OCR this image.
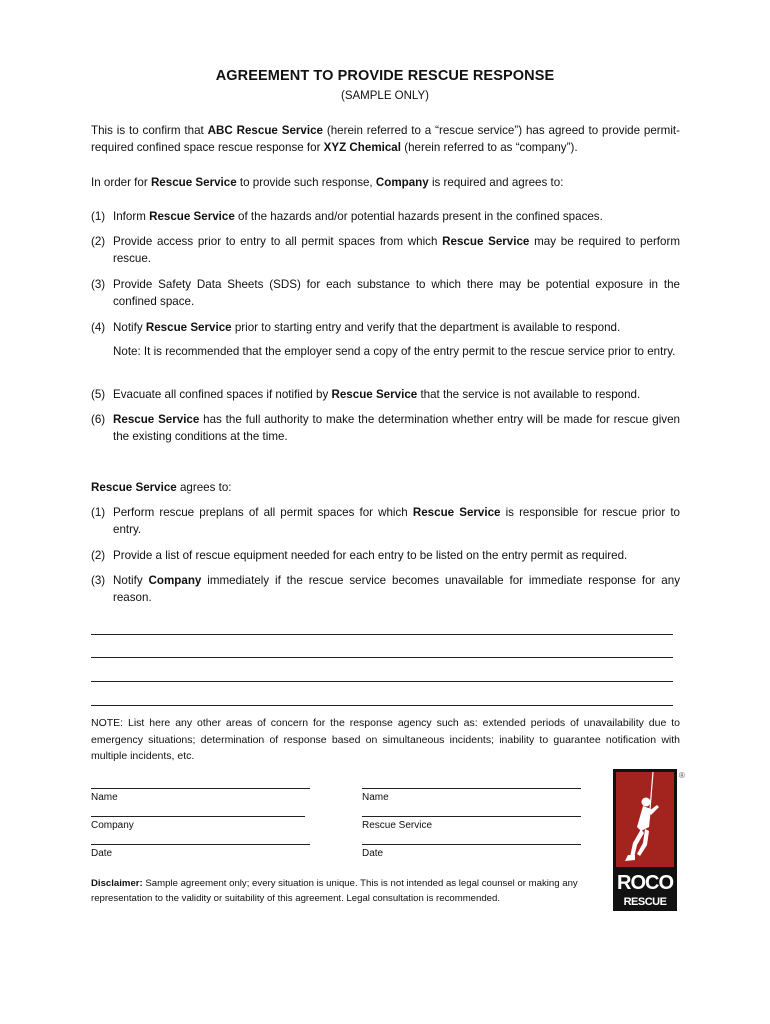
AGREEMENT TO PROVIDE RESCUE RESPONSE
(SAMPLE ONLY)
This is to confirm that ABC Rescue Service (herein referred to a “rescue service”) has agreed to provide permit-required confined space rescue response for XYZ Chemical (herein referred to as “company”).
In order for Rescue Service to provide such response, Company is required and agrees to:
(1) Inform Rescue Service of the hazards and/or potential hazards present in the confined spaces.
(2) Provide access prior to entry to all permit spaces from which Rescue Service may be required to perform rescue.
(3) Provide Safety Data Sheets (SDS) for each substance to which there may be potential exposure in the confined space.
(4) Notify Rescue Service prior to starting entry and verify that the department is available to respond.
Note: It is recommended that the employer send a copy of the entry permit to the rescue service prior to entry.
(5) Evacuate all confined spaces if notified by Rescue Service that the service is not available to respond.
(6) Rescue Service has the full authority to make the determination whether entry will be made for rescue given the existing conditions at the time.
Rescue Service agrees to:
(1) Perform rescue preplans of all permit spaces for which Rescue Service is responsible for rescue prior to entry.
(2) Provide a list of rescue equipment needed for each entry to be listed on the entry permit as required.
(3) Notify Company immediately if the rescue service becomes unavailable for immediate response for any reason.
NOTE: List here any other areas of concern for the response agency such as: extended periods of unavailability due to emergency situations; determination of response based on simultaneous incidents; inability to guarantee notification with multiple incidents, etc.
Name
Company
Date
Name
Rescue Service
Date
Disclaimer: Sample agreement only; every situation is unique. This is not intended as legal counsel or making any representation to the validity or suitability of this agreement. Legal consultation is recommended.
ROCO
RESCUE
®
